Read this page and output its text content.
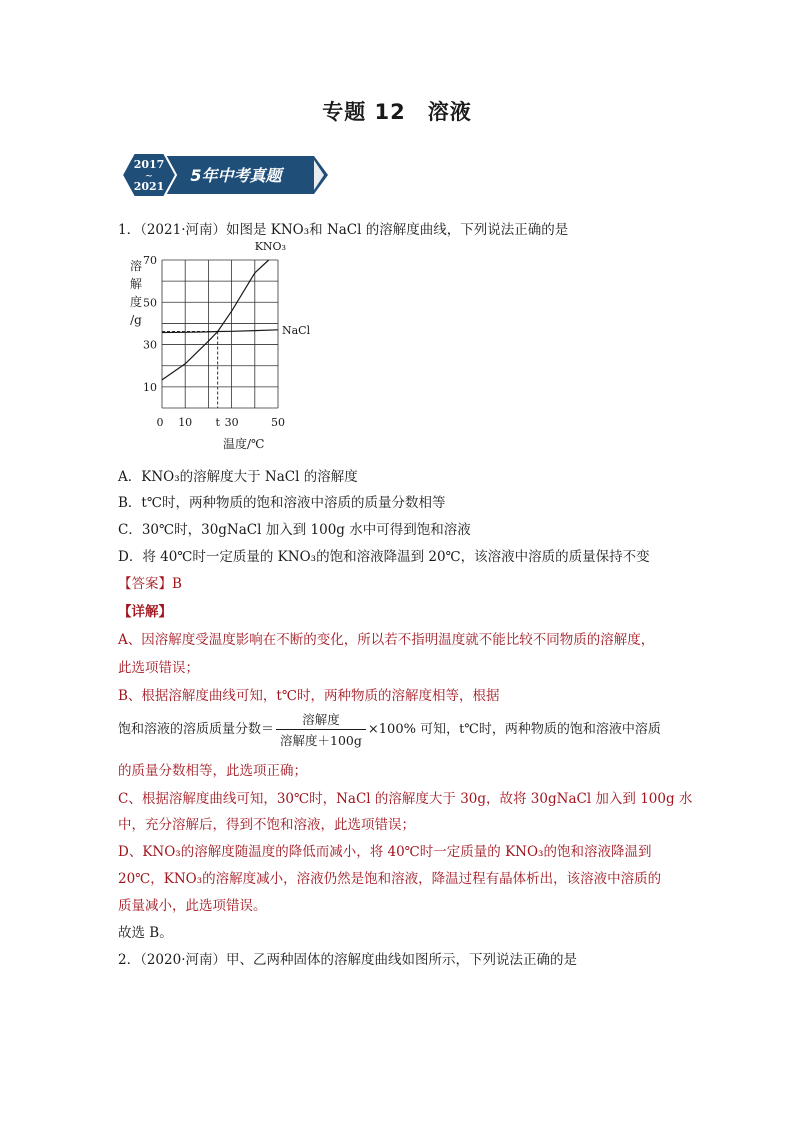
专题 12　溶液
2017
~
2021
5年中考真题
1．（2021·河南）如图是 KNO₃和 NaCl 的溶解度曲线，下列说法正确的是
10
30
50
70
0 10 t 30	50
溶
解
度
/g
温度/℃
KNO₃
NaCl
A．KNO₃的溶解度大于 NaCl 的溶解度
B．t℃时，两种物质的饱和溶液中溶质的质量分数相等
C．30℃时，30gNaCl 加入到 100g 水中可得到饱和溶液
D．将 40℃时一定质量的 KNO₃的饱和溶液降温到 20℃，该溶液中溶质的质量保持不变
【答案】B
【详解】
A、因溶解度受温度影响在不断的变化，所以若不指明温度就不能比较不同物质的溶解度，
此选项错误；
B、根据溶解度曲线可知，t℃时，两种物质的溶解度相等，根据
饱和溶液的溶质质量分数＝ $\frac{\text{溶解度}}{\text{溶解度＋100g}} \times 100\%$ 可知，t℃时，两种物质的饱和溶液中溶质
的质量分数相等，此选项正确；
C、根据溶解度曲线可知，30℃时，NaCl 的溶解度大于 30g，故将 30gNaCl 加入到 100g 水
中，充分溶解后，得到不饱和溶液，此选项错误；
D、KNO₃的溶解度随温度的降低而减小，将 40℃时一定质量的 KNO₃的饱和溶液降温到
20℃，KNO₃的溶解度减小，溶液仍然是饱和溶液，降温过程有晶体析出，该溶液中溶质的
质量减小，此选项错误。
故选 B。
2．（2020·河南）甲、乙两种固体的溶解度曲线如图所示，下列说法正确的是
